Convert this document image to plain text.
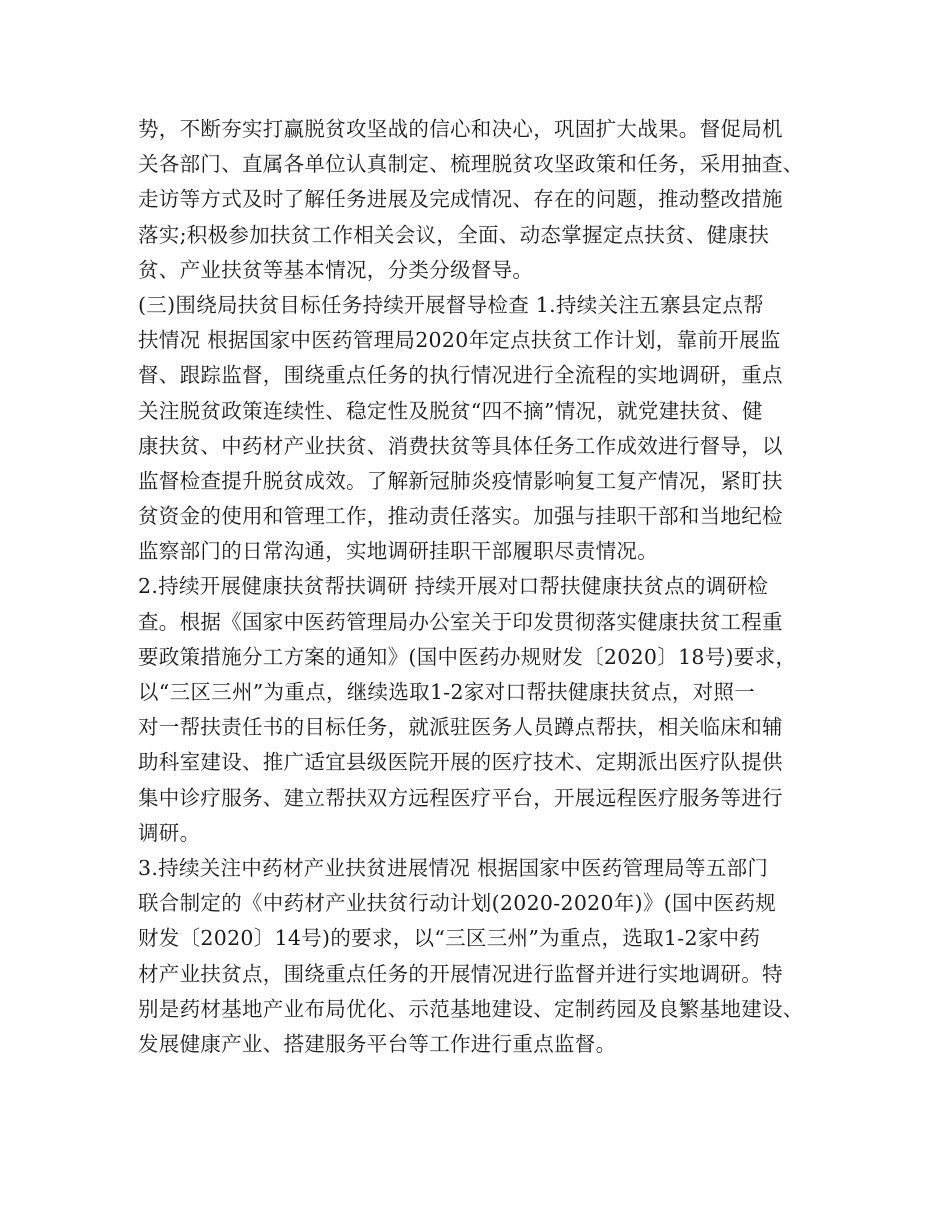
势，不断夯实打赢脱贫攻坚战的信心和决心，巩固扩大战果。督促局机
关各部门、直属各单位认真制定、梳理脱贫攻坚政策和任务，采用抽查、
走访等方式及时了解任务进展及完成情况、存在的问题，推动整改措施
落实;积极参加扶贫工作相关会议，全面、动态掌握定点扶贫、健康扶
贫、产业扶贫等基本情况，分类分级督导。
(三)围绕局扶贫目标任务持续开展督导检查 1.持续关注五寨县定点帮
扶情况 根据国家中医药管理局2020年定点扶贫工作计划，靠前开展监
督、跟踪监督，围绕重点任务的执行情况进行全流程的实地调研，重点
关注脱贫政策连续性、稳定性及脱贫“四不摘”情况，就党建扶贫、健
康扶贫、中药材产业扶贫、消费扶贫等具体任务工作成效进行督导，以
监督检查提升脱贫成效。了解新冠肺炎疫情影响复工复产情况，紧盯扶
贫资金的使用和管理工作，推动责任落实。加强与挂职干部和当地纪检
监察部门的日常沟通，实地调研挂职干部履职尽责情况。
2.持续开展健康扶贫帮扶调研 持续开展对口帮扶健康扶贫点的调研检
查。根据《国家中医药管理局办公室关于印发贯彻落实健康扶贫工程重
要政策措施分工方案的通知》(国中医药办规财发〔2020〕18号)要求，
以“三区三州”为重点，继续选取1-2家对口帮扶健康扶贫点，对照一
对一帮扶责任书的目标任务，就派驻医务人员蹲点帮扶，相关临床和辅
助科室建设、推广适宜县级医院开展的医疗技术、定期派出医疗队提供
集中诊疗服务、建立帮扶双方远程医疗平台，开展远程医疗服务等进行
调研。
3.持续关注中药材产业扶贫进展情况 根据国家中医药管理局等五部门
联合制定的《中药材产业扶贫行动计划(2020-2020年)》(国中医药规
财发〔2020〕14号)的要求，以“三区三州”为重点，选取1-2家中药
材产业扶贫点，围绕重点任务的开展情况进行监督并进行实地调研。特
别是药材基地产业布局优化、示范基地建设、定制药园及良繁基地建设、
发展健康产业、搭建服务平台等工作进行重点监督。
